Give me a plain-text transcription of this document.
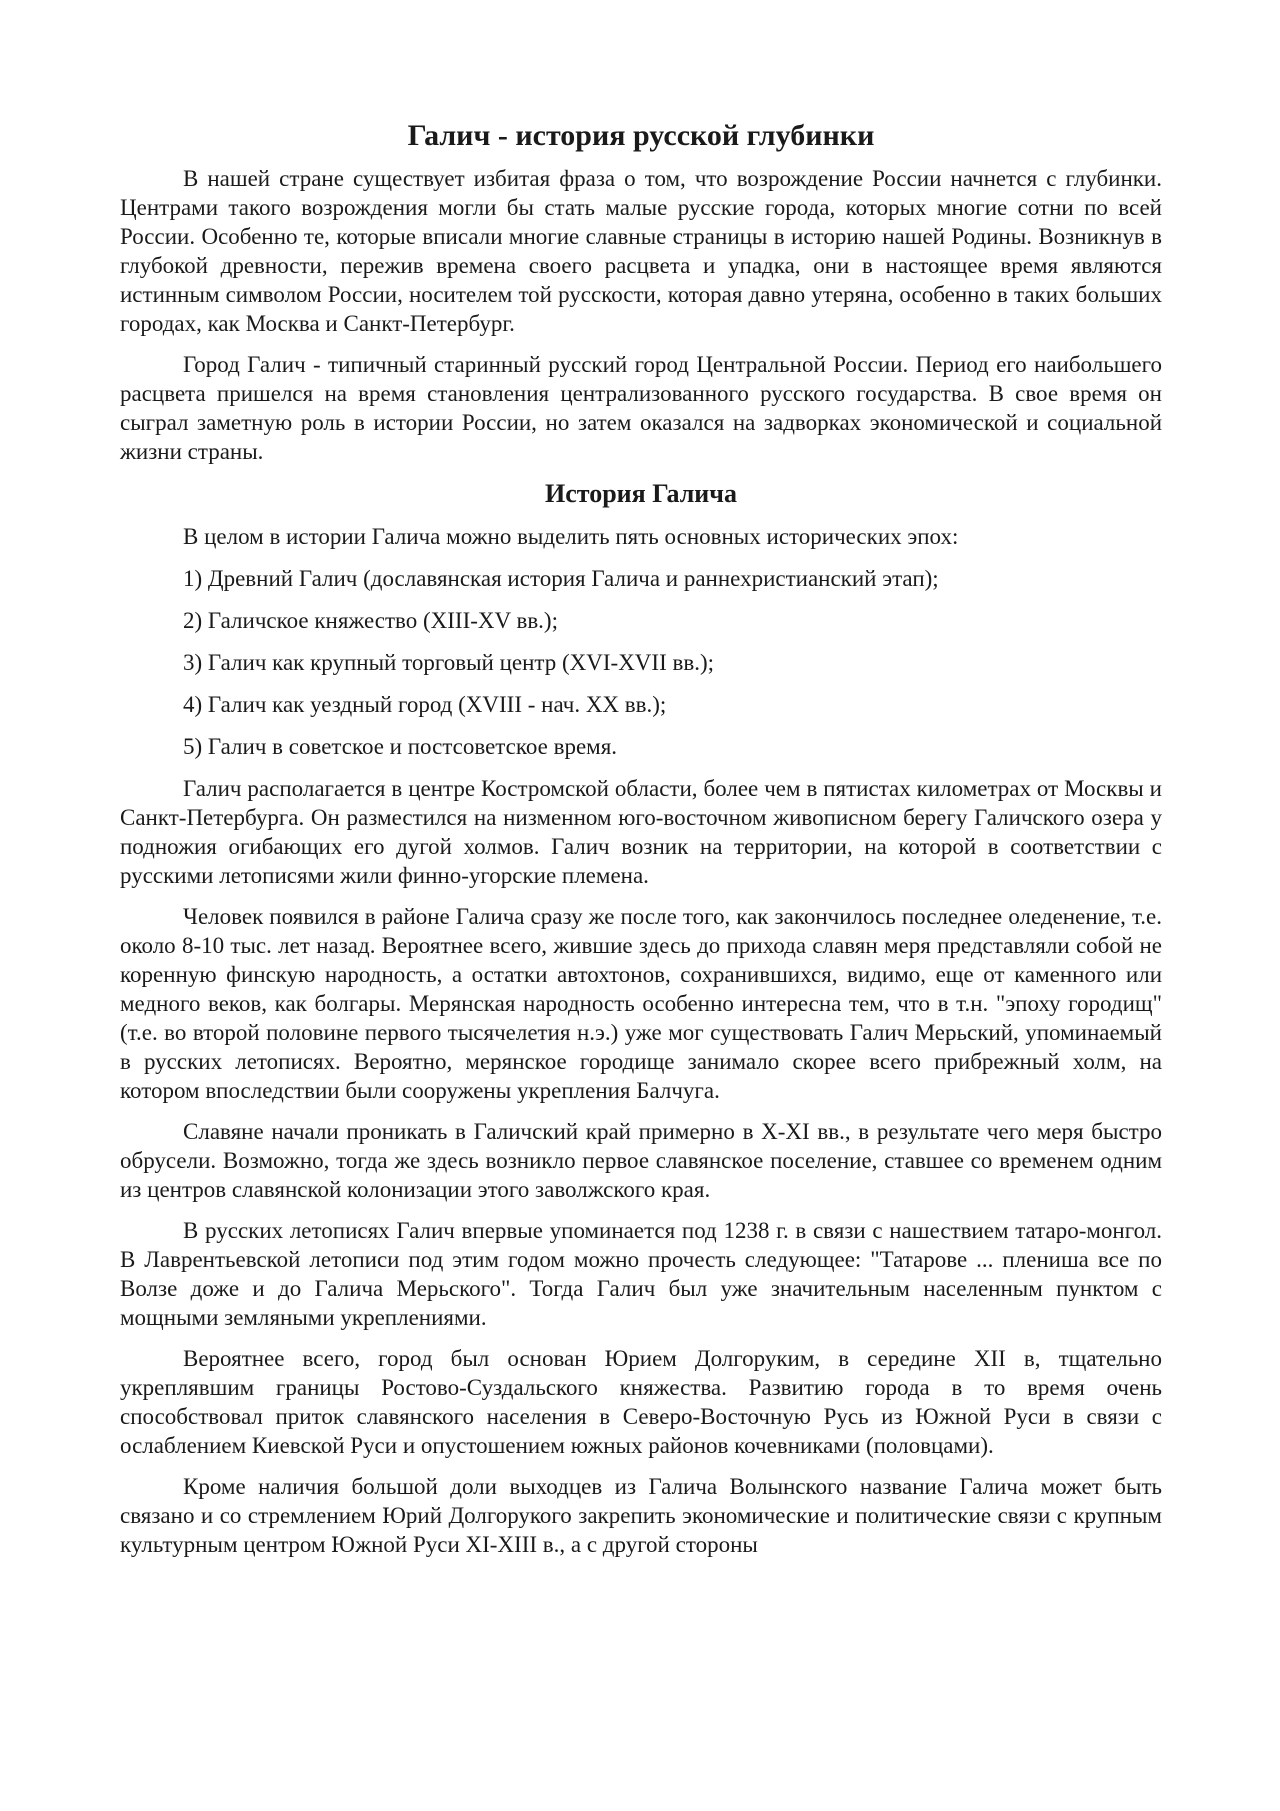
Галич - история русской глубинки

В нашей стране существует избитая фраза о том, что возрождение России начнется с глубинки. Центрами такого возрождения могли бы стать малые русские города, которых многие сотни по всей России. Особенно те, которые вписали многие славные страницы в историю нашей Родины. Возникнув в глубокой древности, пережив времена своего расцвета и упадка, они в настоящее время являются истинным символом России, носителем той русскости, которая давно утеряна, особенно в таких больших городах, как Москва и Санкт-Петербург.

Город Галич - типичный старинный русский город Центральной России. Период его наибольшего расцвета пришелся на время становления централизованного русского государства. В свое время он сыграл заметную роль в истории России, но затем оказался на задворках экономической и социальной жизни страны.

История Галича

В целом в истории Галича можно выделить пять основных исторических эпох:

1) Древний Галич (дославянская история Галича и раннехристианский этап);

2) Галичское княжество (XIII-XV вв.);

3) Галич как крупный торговый центр (XVI-XVII вв.);

4) Галич как уездный город (XVIII - нач. XX вв.);

5) Галич в советское и постсоветское время.

Галич располагается в центре Костромской области, более чем в пятистах километрах от Москвы и Санкт-Петербурга. Он разместился на низменном юго-восточном живописном берегу Галичского озера у подножия огибающих его дугой холмов. Галич возник на территории, на которой в соответствии с русскими летописями жили финно-угорские племена.

Человек появился в районе Галича сразу же после того, как закончилось последнее оледенение, т.е. около 8-10 тыс. лет назад. Вероятнее всего, жившие здесь до прихода славян меря представляли собой не коренную финскую народность, а остатки автохтонов, сохранившихся, видимо, еще от каменного или медного веков, как болгары. Мерянская народность особенно интересна тем, что в т.н. "эпоху городищ" (т.е. во второй половине первого тысячелетия н.э.) уже мог существовать Галич Мерьский, упоминаемый в русских летописях. Вероятно, мерянское городище занимало скорее всего прибрежный холм, на котором впоследствии были сооружены укрепления Балчуга.

Славяне начали проникать в Галичский край примерно в X-XI вв., в результате чего меря быстро обрусели. Возможно, тогда же здесь возникло первое славянское поселение, ставшее со временем одним из центров славянской колонизации этого заволжского края.

В русских летописях Галич впервые упоминается под 1238 г. в связи с нашествием татаро-монгол. В Лаврентьевской летописи под этим годом можно прочесть следующее: "Татарове ... плениша все по Волзе доже и до Галича Мерьского". Тогда Галич был уже значительным населенным пунктом с мощными земляными укреплениями.

Вероятнее всего, город был основан Юрием Долгоруким, в середине XII в, тщательно укреплявшим границы Ростово-Суздальского княжества. Развитию города в то время очень способствовал приток славянского населения в Северо-Восточную Русь из Южной Руси в связи с ослаблением Киевской Руси и опустошением южных районов кочевниками (половцами).

Кроме наличия большой доли выходцев из Галича Волынского название Галича может быть связано и со стремлением Юрий Долгорукого закрепить экономические и политические связи с крупным культурным центром Южной Руси XI-XIII в., а с другой стороны
